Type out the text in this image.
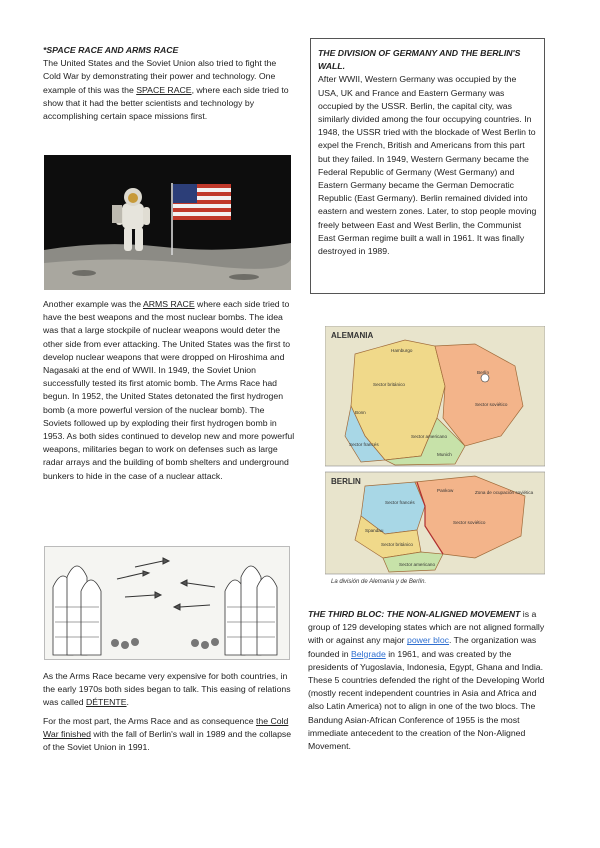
*SPACE RACE AND ARMS RACE

The United States and the Soviet Union also tried to fight the Cold War by demonstrating their power and technology. One example of this was the SPACE RACE, where each side tried to show that it had the better scientists and technology by accomplishing certain space missions first.

Another example was the ARMS RACE where each side tried to have the best weapons and the most nuclear bombs. The idea was that a large stockpile of nuclear weapons would deter the other side from ever attacking. The United States was the first to develop nuclear weapons that were dropped on Hiroshima and Nagasaki at the end of WWII. In 1949, the Soviet Union successfully tested its first atomic bomb. The Arms Race had begun. In 1952, the United States detonated the first hydrogen bomb (a more powerful version of the nuclear bomb). The Soviets followed up by exploding their first hydrogen bomb in 1953. As both sides continued to develop new and more powerful weapons, militaries began to work on defenses such as large radar arrays and the building of bomb shelters and underground bunkers to hide in the case of a nuclear attack.

As the Arms Race became very expensive for both countries, in the early 1970s both sides began to talk. This easing of relations was called DÉTENTE.

For the most part, the Arms Race and as consequence the Cold War finished with the fall of Berlin's wall in 1989 and the collapse of the Soviet Union in 1991.

THE DIVISION OF GERMANY AND THE BERLIN'S WALL.

After WWII, Western Germany was occupied by the USA, UK and France and Eastern Germany was occupied by the USSR. Berlin, the capital city, was similarly divided among the four occupying countries. In 1948, the USSR tried with the blockade of West Berlin to expel the French, British and Americans from this part but they failed. In 1949, Western Germany became the Federal Republic of Germany (West Germany) and Eastern Germany became the German Democratic Republic (East Germany). Berlin remained divided into eastern and western zones. Later, to stop people moving freely between East and West Berlin, the Communist East German regime built a wall in 1961. It was finally destroyed in 1989.

ALEMANIA
Hamburgo
Sector británico
Berlín
Sector soviético
Bonn
Sector francés
Sector americano
Munich
BERLIN
Sector francés
Pankow	Zona de ocupación soviética
Spandau
Sector soviético
Sector británico
Sector americano
La división de Alemania y de Berlín.

THE THIRD BLOC: THE NON-ALIGNED MOVEMENT is a group of 129 developing states which are not aligned formally with or against any major power bloc. The organization was founded in Belgrade in 1961, and was created by the presidents of Yugoslavia, Indonesia, Egypt, Ghana and India. These 5 countries defended the right of the Developing World (mostly recent independent countries in Asia and Africa and also Latin America) not to align in one of the two blocs. The Bandung Asian-African Conference of 1955 is the most immediate antecedent to the creation of the Non-Aligned Movement.
